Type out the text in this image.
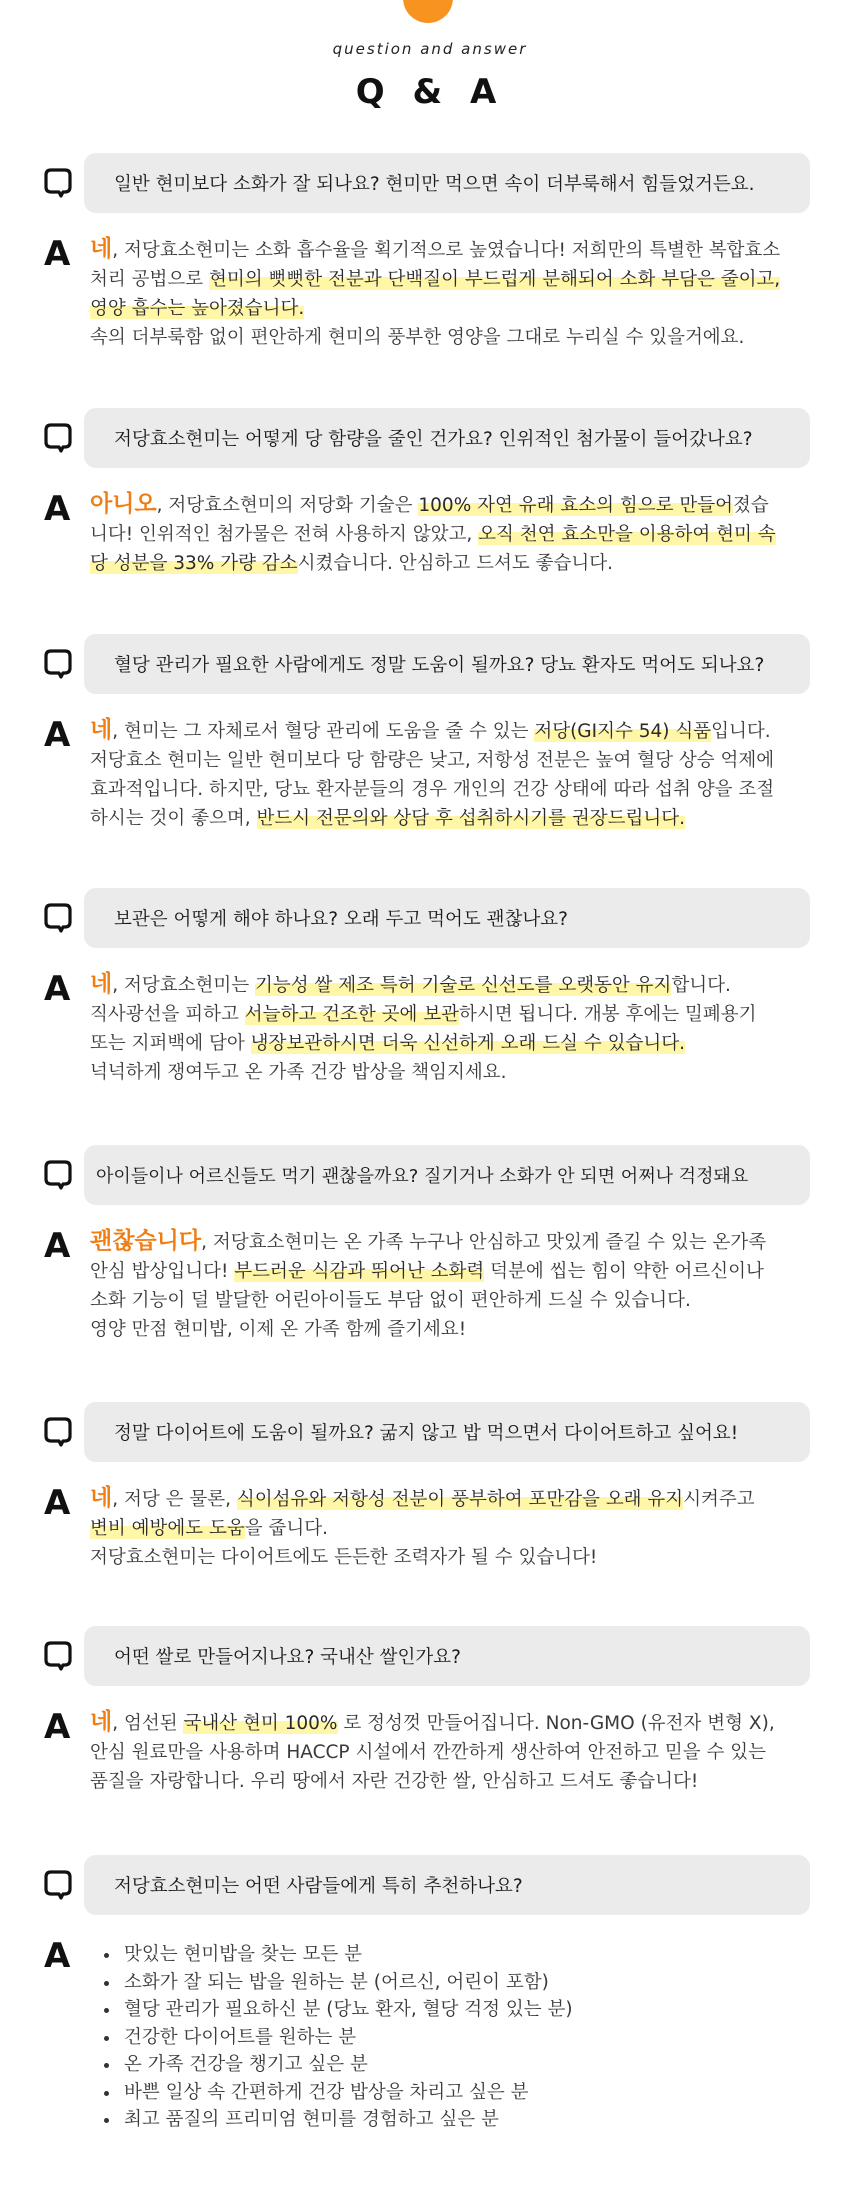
question and answer
Q & A
일반 현미보다 소화가 잘 되나요? 현미만 먹으면 속이 더부룩해서 힘들었거든요.
A 네, 저당효소현미는 소화 흡수율을 획기적으로 높였습니다! 저희만의 특별한 복합효소
처리 공법으로 현미의 뻣뻣한 전분과 단백질이 부드럽게 분해되어 소화 부담은 줄이고,
영양 흡수는 높아졌습니다.
속의 더부룩함 없이 편안하게 현미의 풍부한 영양을 그대로 누리실 수 있을거에요.
저당효소현미는 어떻게 당 함량을 줄인 건가요? 인위적인 첨가물이 들어갔나요?
A 아니오, 저당효소현미의 저당화 기술은 100% 자연 유래 효소의 힘으로 만들어졌습
니다! 인위적인 첨가물은 전혀 사용하지 않았고, 오직 천연 효소만을 이용하여 현미 속
당 성분을 33% 가량 감소시켰습니다. 안심하고 드셔도 좋습니다.
혈당 관리가 필요한 사람에게도 정말 도움이 될까요? 당뇨 환자도 먹어도 되나요?
A 네, 현미는 그 자체로서 혈당 관리에 도움을 줄 수 있는 저당(GI지수 54) 식품입니다.
저당효소 현미는 일반 현미보다 당 함량은 낮고, 저항성 전분은 높여 혈당 상승 억제에
효과적입니다. 하지만, 당뇨 환자분들의 경우 개인의 건강 상태에 따라 섭취 양을 조절
하시는 것이 좋으며, 반드시 전문의와 상담 후 섭취하시기를 권장드립니다.
보관은 어떻게 해야 하나요? 오래 두고 먹어도 괜찮나요?
A 네, 저당효소현미는 기능성 쌀 제조 특허 기술로 신선도를 오랫동안 유지합니다.
직사광선을 피하고 서늘하고 건조한 곳에 보관하시면 됩니다. 개봉 후에는 밀폐용기
또는 지퍼백에 담아 냉장보관하시면 더욱 신선하게 오래 드실 수 있습니다.
넉넉하게 쟁여두고 온 가족 건강 밥상을 책임지세요.
아이들이나 어르신들도 먹기 괜찮을까요? 질기거나 소화가 안 되면 어쩌나 걱정돼요
A 괜찮습니다, 저당효소현미는 온 가족 누구나 안심하고 맛있게 즐길 수 있는 온가족
안심 밥상입니다! 부드러운 식감과 뛰어난 소화력 덕분에 씹는 힘이 약한 어르신이나
소화 기능이 덜 발달한 어린아이들도 부담 없이 편안하게 드실 수 있습니다.
영양 만점 현미밥, 이제 온 가족 함께 즐기세요!
정말 다이어트에 도움이 될까요? 굶지 않고 밥 먹으면서 다이어트하고 싶어요!
A 네, 저당 은 물론, 식이섬유와 저항성 전분이 풍부하여 포만감을 오래 유지시켜주고
변비 예방에도 도움을 줍니다.
저당효소현미는 다이어트에도 든든한 조력자가 될 수 있습니다!
어떤 쌀로 만들어지나요? 국내산 쌀인가요?
A 네, 엄선된 국내산 현미 100% 로 정성껏 만들어집니다. Non-GMO (유전자 변형 X),
안심 원료만을 사용하며 HACCP 시설에서 깐깐하게 생산하여 안전하고 믿을 수 있는
품질을 자랑합니다. 우리 땅에서 자란 건강한 쌀, 안심하고 드셔도 좋습니다!
저당효소현미는 어떤 사람들에게 특히 추천하나요?
A	맛있는 현미밥을 찾는 모든 분
소화가 잘 되는 밥을 원하는 분 (어르신, 어린이 포함)
혈당 관리가 필요하신 분 (당뇨 환자, 혈당 걱정 있는 분)
건강한 다이어트를 원하는 분
온 가족 건강을 챙기고 싶은 분
바쁜 일상 속 간편하게 건강 밥상을 차리고 싶은 분
최고 품질의 프리미엄 현미를 경험하고 싶은 분
